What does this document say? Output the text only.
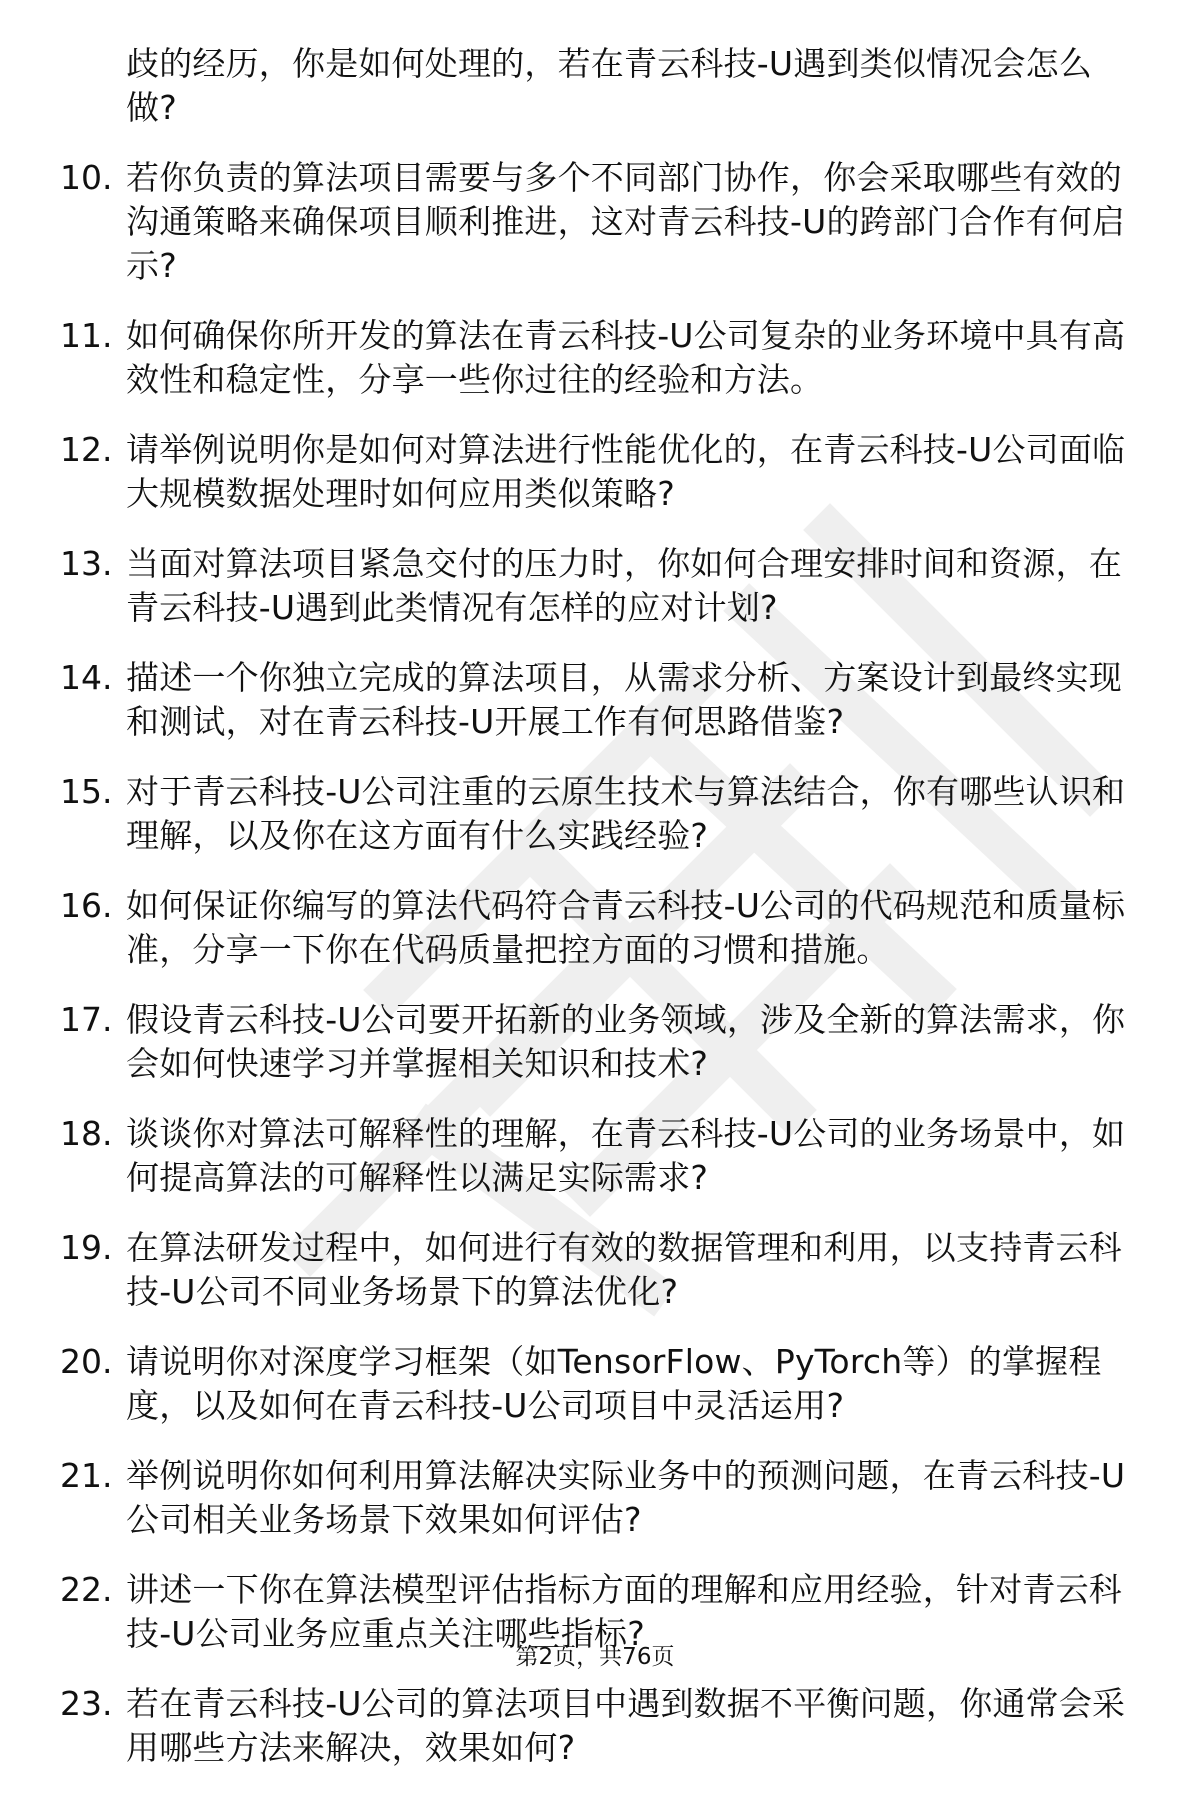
歧的经历，你是如何处理的，若在青云科技-U遇到类似情况会怎么做?

10. 若你负责的算法项目需要与多个不同部门协作，你会采取哪些有效的沟通策略来确保项目顺利推进，这对青云科技-U的跨部门合作有何启示?
11. 如何确保你所开发的算法在青云科技-U公司复杂的业务环境中具有高效性和稳定性，分享一些你过往的经验和方法。
12. 请举例说明你是如何对算法进行性能优化的，在青云科技-U公司面临大规模数据处理时如何应用类似策略?
13. 当面对算法项目紧急交付的压力时，你如何合理安排时间和资源，在青云科技-U遇到此类情况有怎样的应对计划?
14. 描述一个你独立完成的算法项目，从需求分析、方案设计到最终实现和测试，对在青云科技-U开展工作有何思路借鉴?
15. 对于青云科技-U公司注重的云原生技术与算法结合，你有哪些认识和理解，以及你在这方面有什么实践经验?
16. 如何保证你编写的算法代码符合青云科技-U公司的代码规范和质量标准，分享一下你在代码质量把控方面的习惯和措施。
17. 假设青云科技-U公司要开拓新的业务领域，涉及全新的算法需求，你会如何快速学习并掌握相关知识和技术?
18. 谈谈你对算法可解释性的理解，在青云科技-U公司的业务场景中，如何提高算法的可解释性以满足实际需求?
19. 在算法研发过程中，如何进行有效的数据管理和利用，以支持青云科技-U公司不同业务场景下的算法优化?
20. 请说明你对深度学习框架（如TensorFlow、PyTorch等）的掌握程度，以及如何在青云科技-U公司项目中灵活运用?
21. 举例说明你如何利用算法解决实际业务中的预测问题，在青云科技-U公司相关业务场景下效果如何评估?
22. 讲述一下你在算法模型评估指标方面的理解和应用经验，针对青云科技-U公司业务应重点关注哪些指标?
23. 若在青云科技-U公司的算法项目中遇到数据不平衡问题，你通常会采用哪些方法来解决，效果如何?
第2页，共76页
